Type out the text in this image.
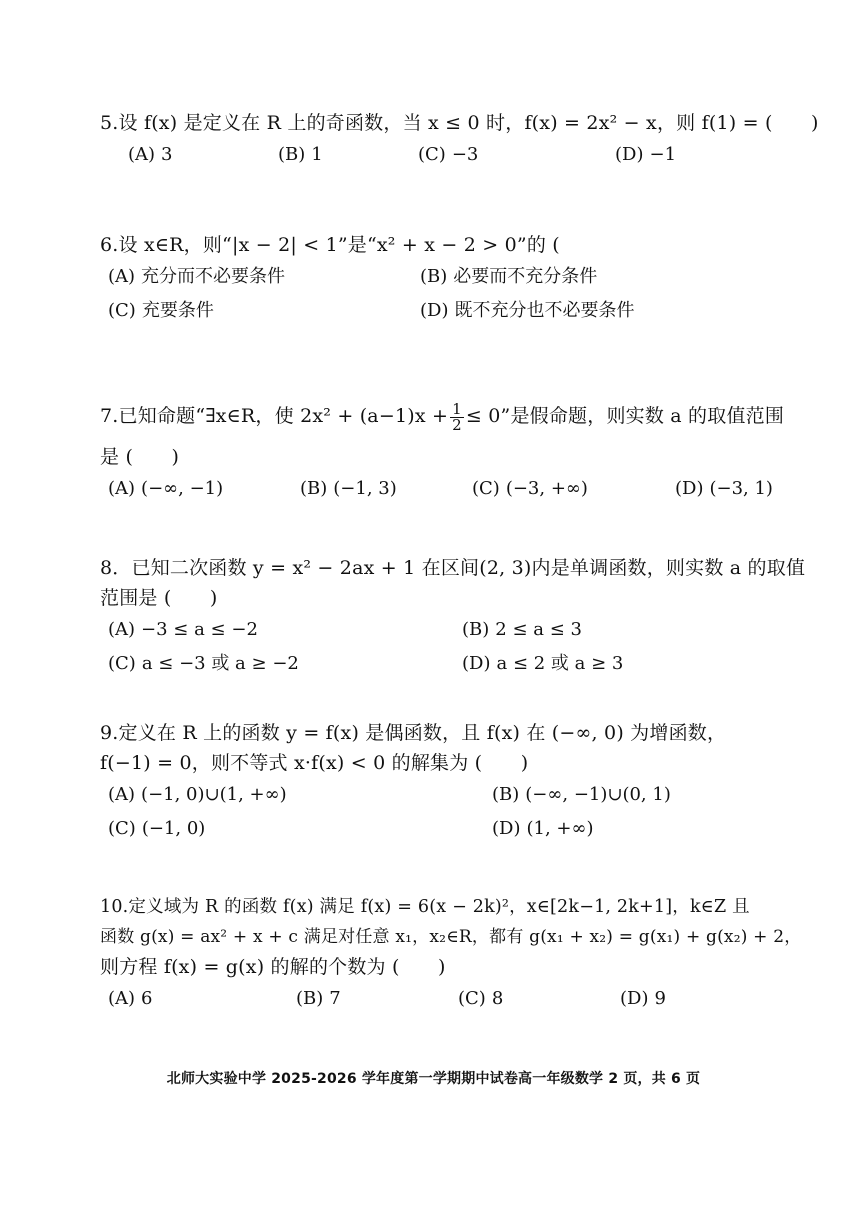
5.设 f(x) 是定义在 R 上的奇函数，当 x ≤ 0 时，f(x) = 2x² − x，则 f(1) = (　　)
(A) 3	(B) 1	(C) −3	(D) −1
6.设 x∈R，则“|x − 2| < 1”是“x² + x − 2 > 0”的 (
(A) 充分而不必要条件	(B) 必要而不充分条件
(C) 充要条件	(D) 既不充分也不必要条件
7.已知命题“∃x∈R，使 $2x^2 + (a-1)x + \frac{1}{2} \le 0$”是假命题，则实数 a 的取值范围
是 (　　)
(A) (−∞, −1)	(B) (−1, 3)	(C) (−3, +∞)	(D) (−3, 1)
8．已知二次函数 y = x² − 2ax + 1 在区间(2, 3)内是单调函数，则实数 a 的取值
范围是 (　　)
(A) −3 ≤ a ≤ −2	(B) 2 ≤ a ≤ 3
(C) a ≤ −3 或 a ≥ −2	(D) a ≤ 2 或 a ≥ 3
9.定义在 R 上的函数 y = f(x) 是偶函数，且 f(x) 在 (−∞, 0) 为增函数，
f(−1) = 0，则不等式 x·f(x) < 0 的解集为 (　　)
(A) (−1, 0)∪(1, +∞)	(B) (−∞, −1)∪(0, 1)
(C) (−1, 0)	(D) (1, +∞)
10.定义域为 R 的函数 f(x) 满足 f(x) = 6(x − 2k)²，x∈[2k−1, 2k+1]，k∈Z 且
函数 g(x) = ax² + x + c 满足对任意 x₁，x₂∈R，都有 g(x₁ + x₂) = g(x₁) + g(x₂) + 2，
则方程 f(x) = g(x) 的解的个数为 (　　)
(A) 6	(B) 7	(C) 8	(D) 9
北师大实验中学 2025-2026 学年度第一学期期中试卷高一年级数学 2 页，共 6 页
